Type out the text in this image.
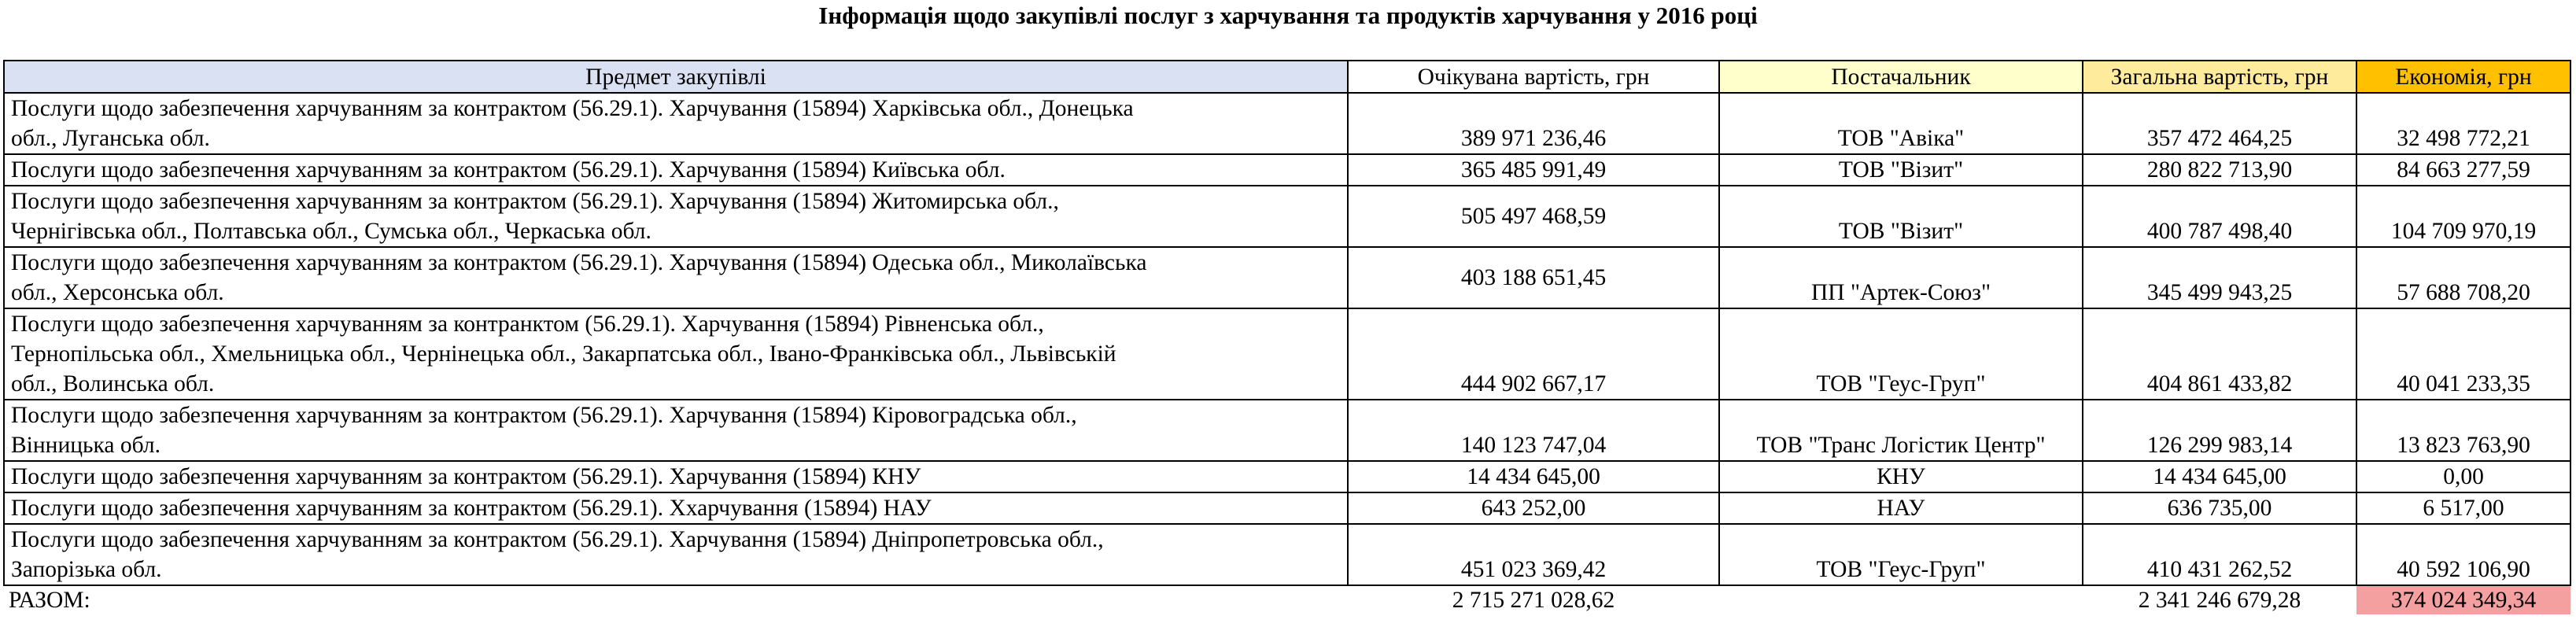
Інформація щодо закупівлі послуг з харчування та продуктів харчування у 2016 році
Предмет закупівлі	Очікувана вартість, грн	Постачальник	Загальна вартість, грн	Економія, грн

Послуги щодо забезпечення харчуванням за контрактом (56.29.1). Харчування (15894) Харківська обл., Донецька
обл., Луганська обл.	389 971 236,46	ТОВ "Авіка"	357 472 464,25	32 498 772,21

Послуги щодо забезпечення харчуванням за контрактом (56.29.1). Харчування (15894) Київська обл.	365 485 991,49	ТОВ "Візит"	280 822 713,90	84 663 277,59

Послуги щодо забезпечення харчуванням за контрактом (56.29.1). Харчування (15894) Житомирська обл.,
Чернігівська обл., Полтавська обл., Сумська обл., Черкаська обл.	505 497 468,59	ТОВ "Візит"	400 787 498,40	104 709 970,19

Послуги щодо забезпечення харчуванням за контрактом (56.29.1). Харчування (15894) Одеська обл., Миколаївська
обл., Херсонська обл.	403 188 651,45	ПП "Артек-Союз"	345 499 943,25	57 688 708,20

Послуги щодо забезпечення харчуванням за контранктом (56.29.1). Харчування (15894) Рівненська обл.,
Тернопільська обл., Хмельницька обл., Чернінецька обл., Закарпатська обл., Івано-Франківська обл., Львівській
обл., Волинська обл.	444 902 667,17	ТОВ "Геус-Груп"	404 861 433,82	40 041 233,35

Послуги щодо забезпечення харчуванням за контрактом (56.29.1). Харчування (15894) Кіровоградська обл.,
Вінницька обл.	140 123 747,04	ТОВ "Транс Логістик Центр"	126 299 983,14	13 823 763,90

Послуги щодо забезпечення харчуванням за контрактом (56.29.1). Харчування (15894) КНУ	14 434 645,00	КНУ	14 434 645,00	0,00

Послуги щодо забезпечення харчуванням за контрактом (56.29.1). Ххарчування (15894) НАУ	643 252,00	НАУ	636 735,00	6 517,00

Послуги щодо забезпечення харчуванням за контрактом (56.29.1). Харчування (15894) Дніпропетровська обл.,
Запорізька обл.	451 023 369,42	ТОВ "Геус-Груп"	410 431 262,52	40 592 106,90
РАЗОМ:	2 715 271 028,62		2 341 246 679,28	374 024 349,34
